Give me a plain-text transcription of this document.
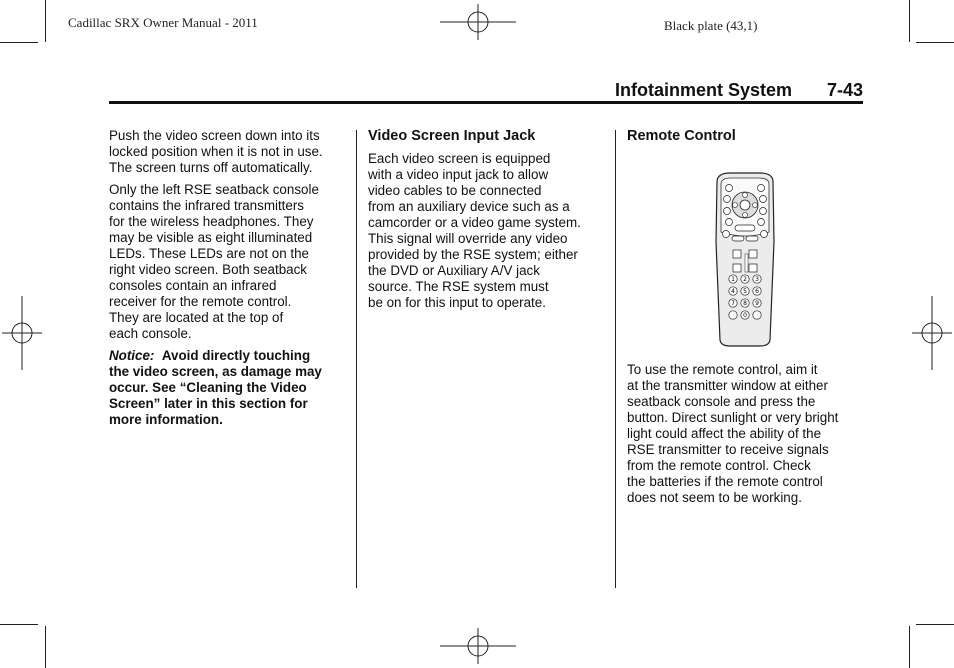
Cadillac SRX Owner Manual - 2011	Black plate (43,1)
Infotainment System 7-43

Push the video screen down into its
locked position when it is not in use.
The screen turns off automatically.

Only the left RSE seatback console
contains the infrared transmitters
for the wireless headphones. They
may be visible as eight illuminated
LEDs. These LEDs are not on the
right video screen. Both seatback
consoles contain an infrared
receiver for the remote control.
They are located at the top of
each console.

Notice: Avoid directly touching
the video screen, as damage may
occur. See “Cleaning the Video
Screen” later in this section for
more information.

Video Screen Input Jack

Each video screen is equipped
with a video input jack to allow
video cables to be connected
from an auxiliary device such as a
camcorder or a video game system.
This signal will override any video
provided by the RSE system; either
the DVD or Auxiliary A/V jack
source. The RSE system must
be on for this input to operate.

Remote Control
1 2 3
4 5 6
7 8 9
0

To use the remote control, aim it
at the transmitter window at either
seatback console and press the
button. Direct sunlight or very bright
light could affect the ability of the
RSE transmitter to receive signals
from the remote control. Check
the batteries if the remote control
does not seem to be working.
